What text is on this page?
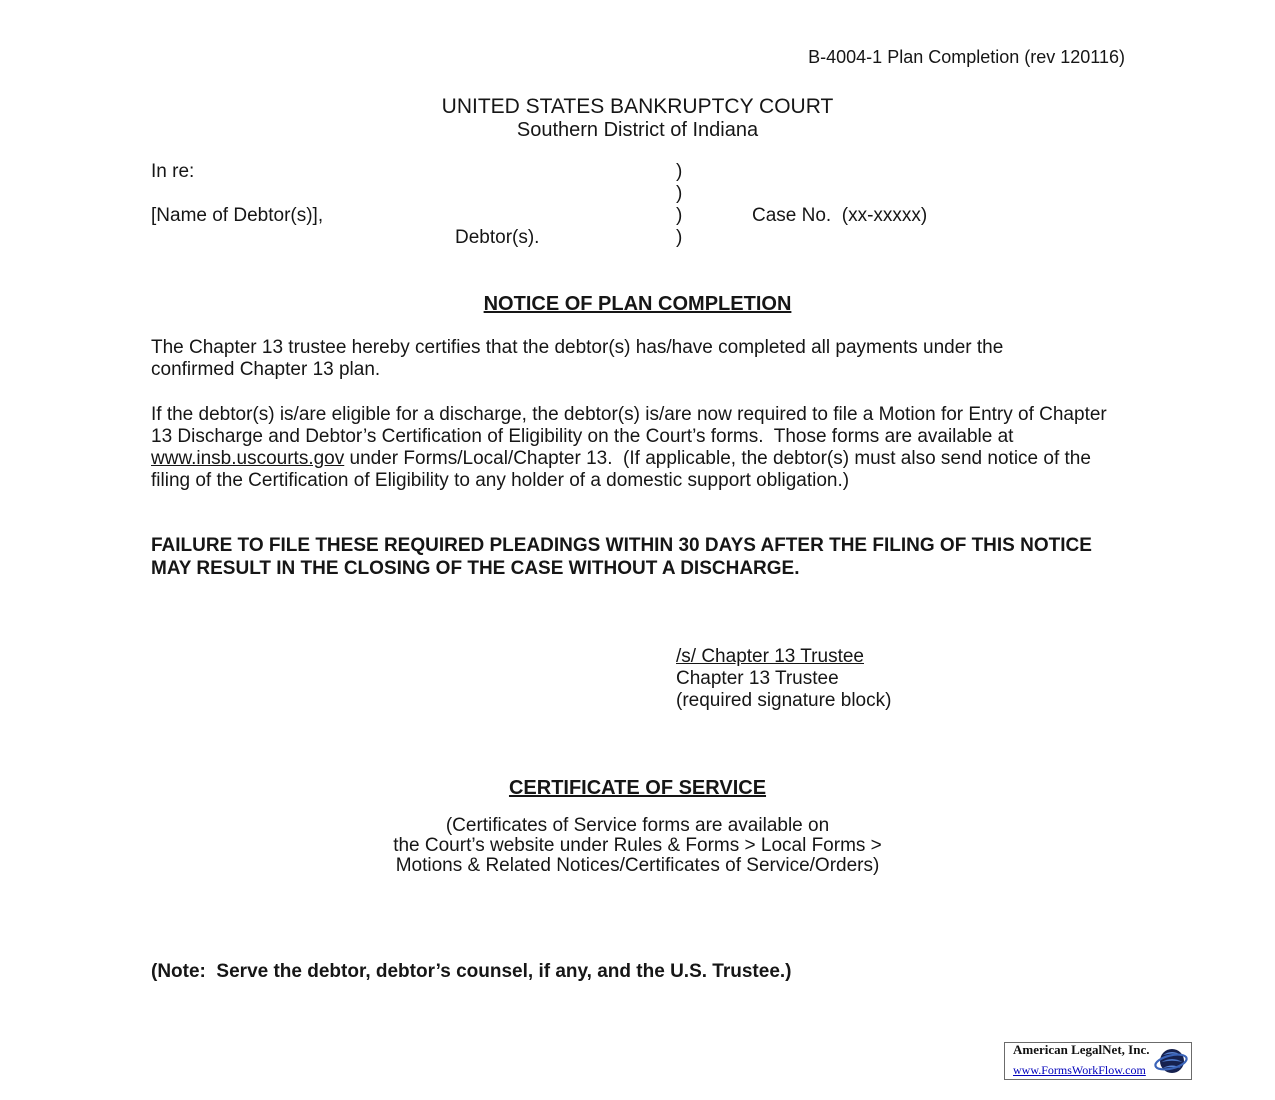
B-4004-1 Plan Completion (rev 120116)
UNITED STATES BANKRUPTCY COURT
Southern District of Indiana
In re:	)
)
)
)
[Name of Debtor(s)],
Debtor(s).
Case No.  (xx-xxxxx)
NOTICE OF PLAN COMPLETION
The Chapter 13 trustee hereby certifies that the debtor(s) has/have completed all payments under the confirmed Chapter 13 plan.
If the debtor(s) is/are eligible for a discharge, the debtor(s) is/are now required to file a Motion for Entry of Chapter 13 Discharge and Debtor’s Certification of Eligibility on the Court’s forms.  Those forms are available at www.insb.uscourts.gov under Forms/Local/Chapter 13.  (If applicable, the debtor(s) must also send notice of the filing of the Certification of Eligibility to any holder of a domestic support obligation.)
FAILURE TO FILE THESE REQUIRED PLEADINGS WITHIN 30 DAYS AFTER THE FILING OF THIS NOTICE MAY RESULT IN THE CLOSING OF THE CASE WITHOUT A DISCHARGE.
/s/ Chapter 13 Trustee
Chapter 13 Trustee
(required signature block)
CERTIFICATE OF SERVICE
(Certificates of Service forms are available on
the Court’s website under Rules & Forms > Local Forms >
Motions & Related Notices/Certificates of Service/Orders)
(Note:  Serve the debtor, debtor’s counsel, if any, and the U.S. Trustee.)
American LegalNet, Inc.
www.FormsWorkFlow.com
